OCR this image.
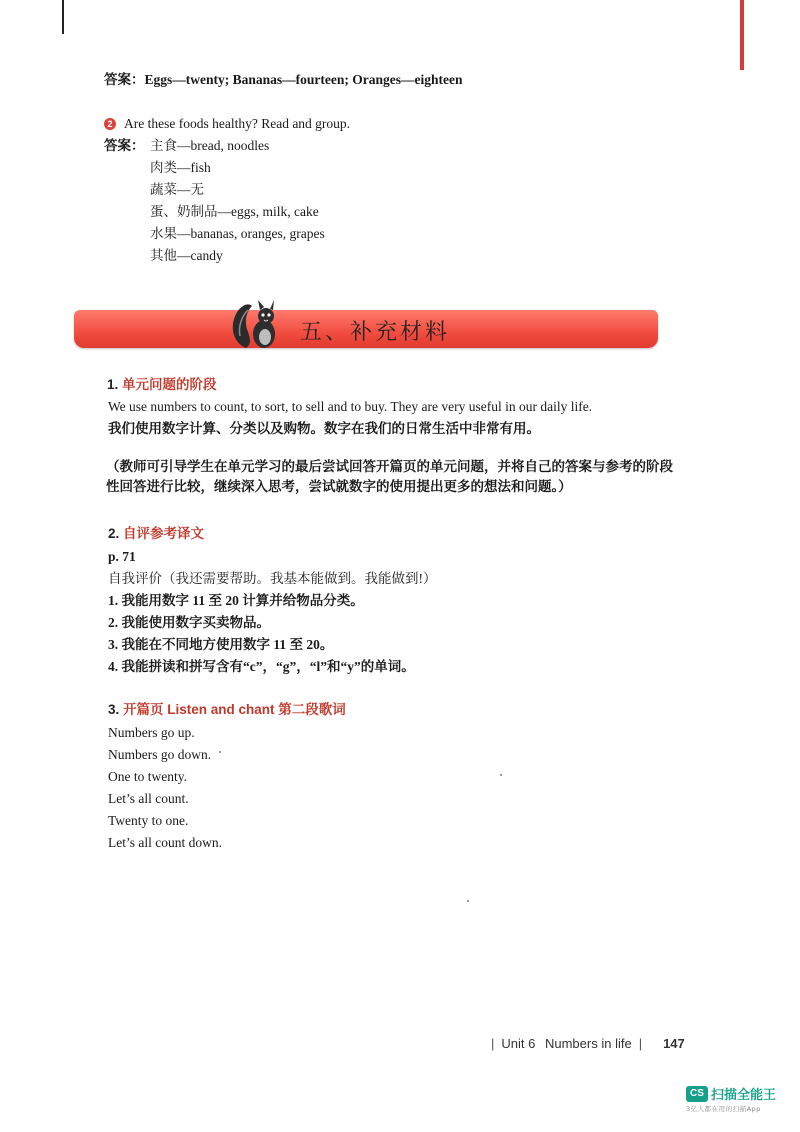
答案：Eggs—twenty; Bananas—fourteen; Oranges—eighteen
2 Are these foods healthy? Read and group.
答案： 主食—bread, noodles
肉类—fish
蔬菜—无
蛋、奶制品—eggs, milk, cake
水果—bananas, oranges, grapes
其他—candy
五、补充材料
1. 单元问题的阶段
We use numbers to count, to sort, to sell and to buy. They are very useful in our daily life.
我们使用数字计算、分类以及购物。数字在我们的日常生活中非常有用。
（教师可引导学生在单元学习的最后尝试回答开篇页的单元问题，并将自己的答案与参考的阶段
性回答进行比较，继续深入思考，尝试就数字的使用提出更多的想法和问题。）
2. 自评参考译文
p. 71
自我评价（我还需要帮助。我基本能做到。我能做到!）
1. 我能用数字 11 至 20 计算并给物品分类。
2. 我能使用数字买卖物品。
3. 我能在不同地方使用数字 11 至 20。
4. 我能拼读和拼写含有“c”，“g”，“l”和“y”的单词。
3. 开篇页 Listen and chant 第二段歌词
Numbers go up.
Numbers go down.
One to twenty.
Let’s all count.
Twenty to one.
Let’s all count down.
| Unit 6 Numbers in life | 147
CS 扫描全能王
3亿人都在用的扫描App
